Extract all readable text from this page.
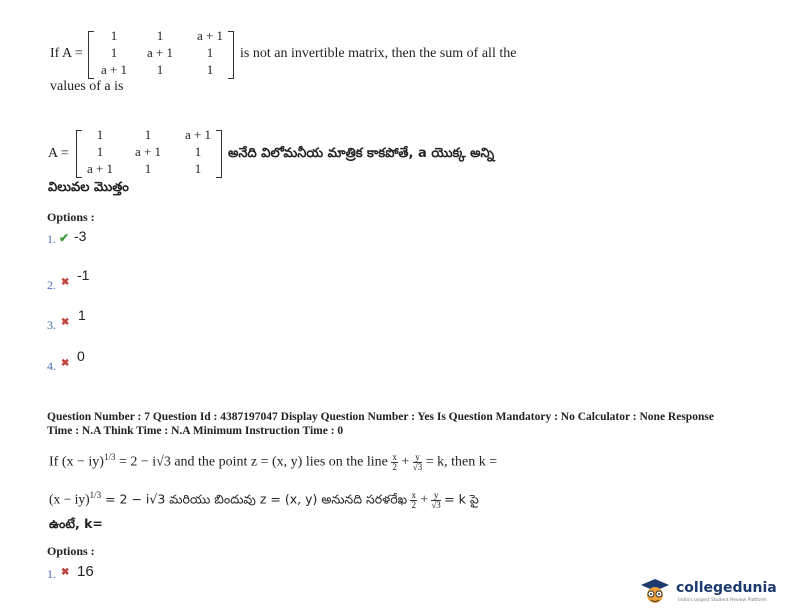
If A =
1	1	a + 1
1	a + 1	1
a + 1	1	1
is not an invertible matrix, then the sum of all the
values of a is
A =
1	1	a + 1
1	a + 1	1
a + 1	1	1
అనేది విలోమనీయ మాత్రిక కాకపోతే, a యొక్క అన్ని
విలువల మొత్తం
Options :
1. ✔ -3
2. ✖ -1
3. ✖ 1
4. ✖ 0
Question Number : 7 Question Id : 4387197047 Display Question Number : Yes Is Question Mandatory : No Calculator : None Response
Time : N.A Think Time : N.A Minimum Instruction Time : 0
If (x − iy)$^{1/3}$ = 2 − i√3 and the point z = (x, y) lies on the line $\frac{x}{2} + \frac{y}{√3} = k$, then k =
(x − iy)$^{1/3}$ = 2 − i√3 మరియు బిందువు z = (x, y) అనునది సరళరేఖ $\frac{x}{2} + \frac{y}{√3} = k$ పై
ఉంటే, k=
Options :
1. ✖ 16
collegedunia
India's largest Student Review Platform
